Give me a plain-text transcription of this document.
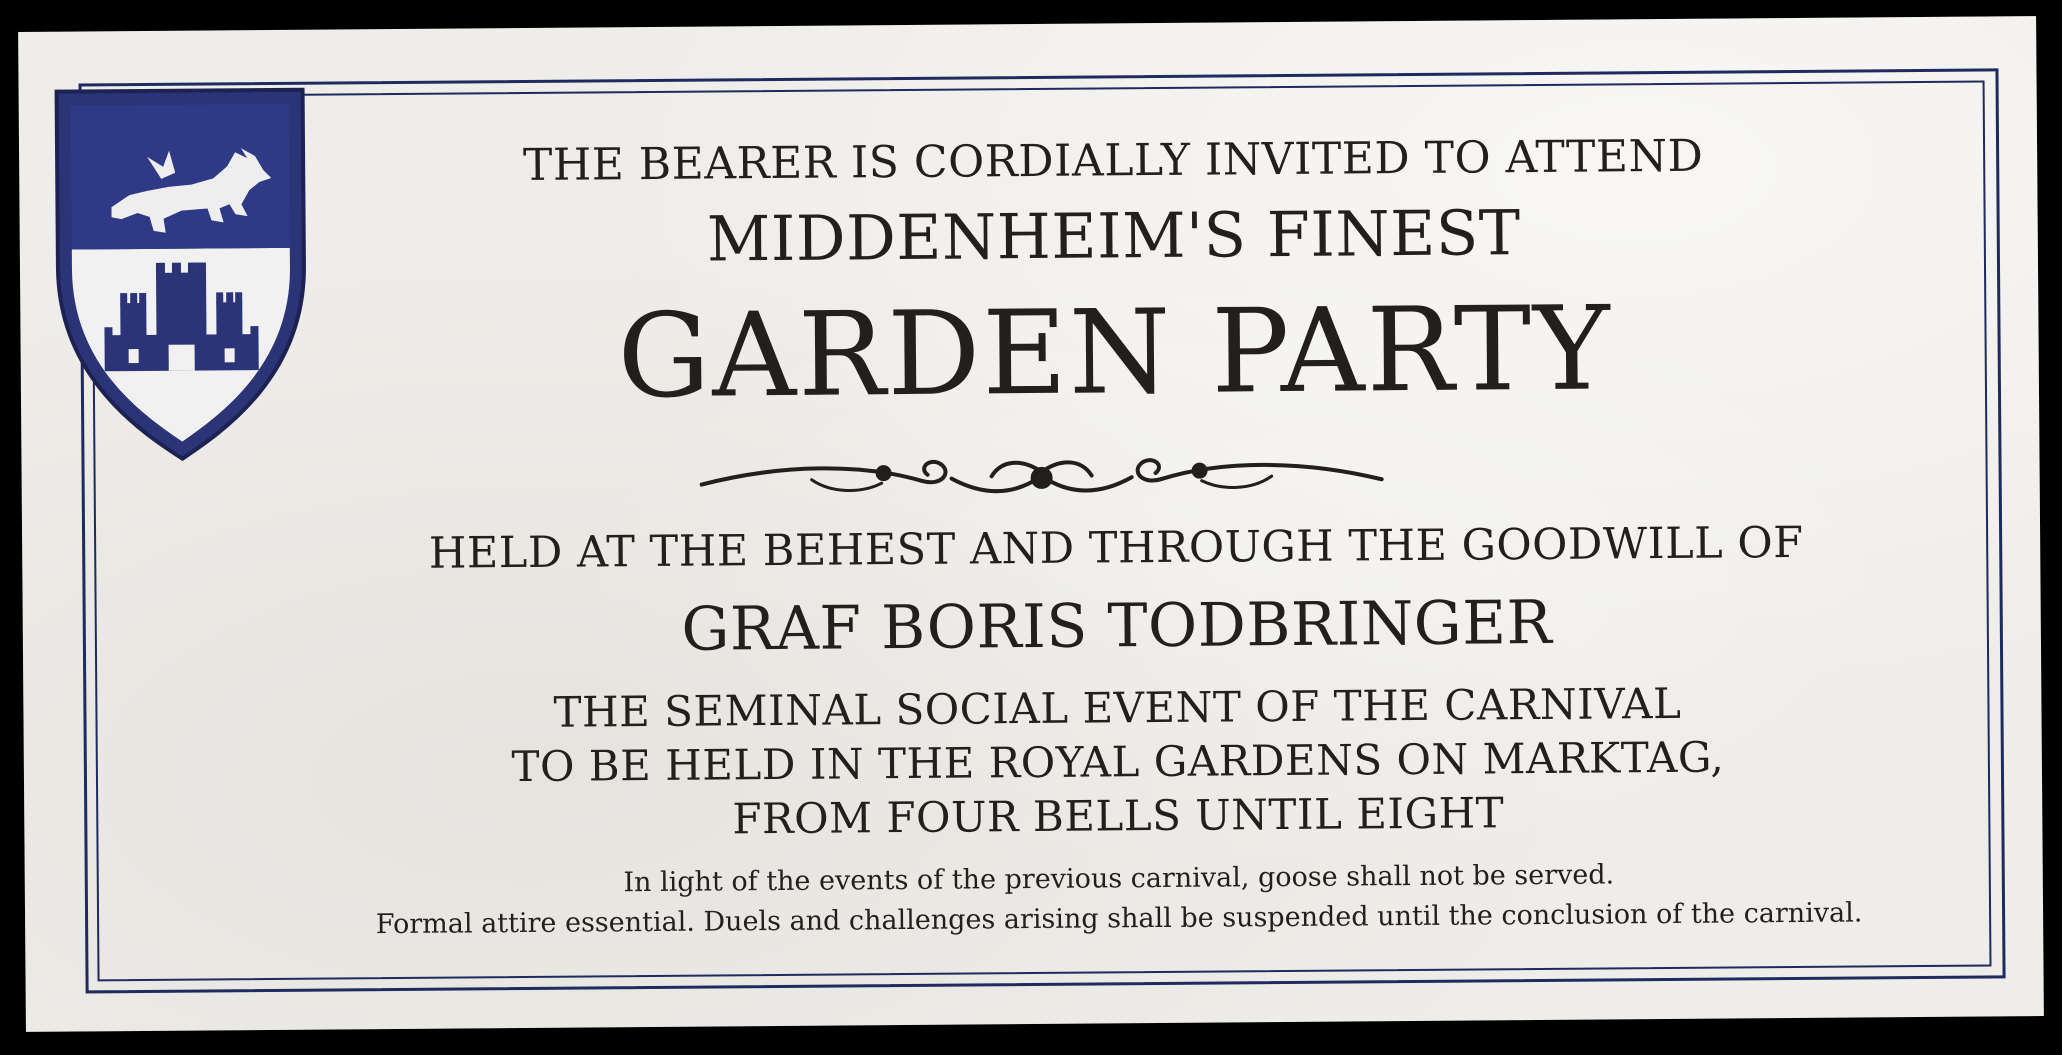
THE BEARER IS CORDIALLY INVITED TO ATTEND
MIDDENHEIM'S FINEST
GARDEN PARTY
HELD AT THE BEHEST AND THROUGH THE GOODWILL OF
GRAF BORIS TODBRINGER
THE SEMINAL SOCIAL EVENT OF THE CARNIVAL
TO BE HELD IN THE ROYAL GARDENS ON MARKTAG,
FROM FOUR BELLS UNTIL EIGHT
In light of the events of the previous carnival, goose shall not be served.
Formal attire essential. Duels and challenges arising shall be suspended until the conclusion of the carnival.
